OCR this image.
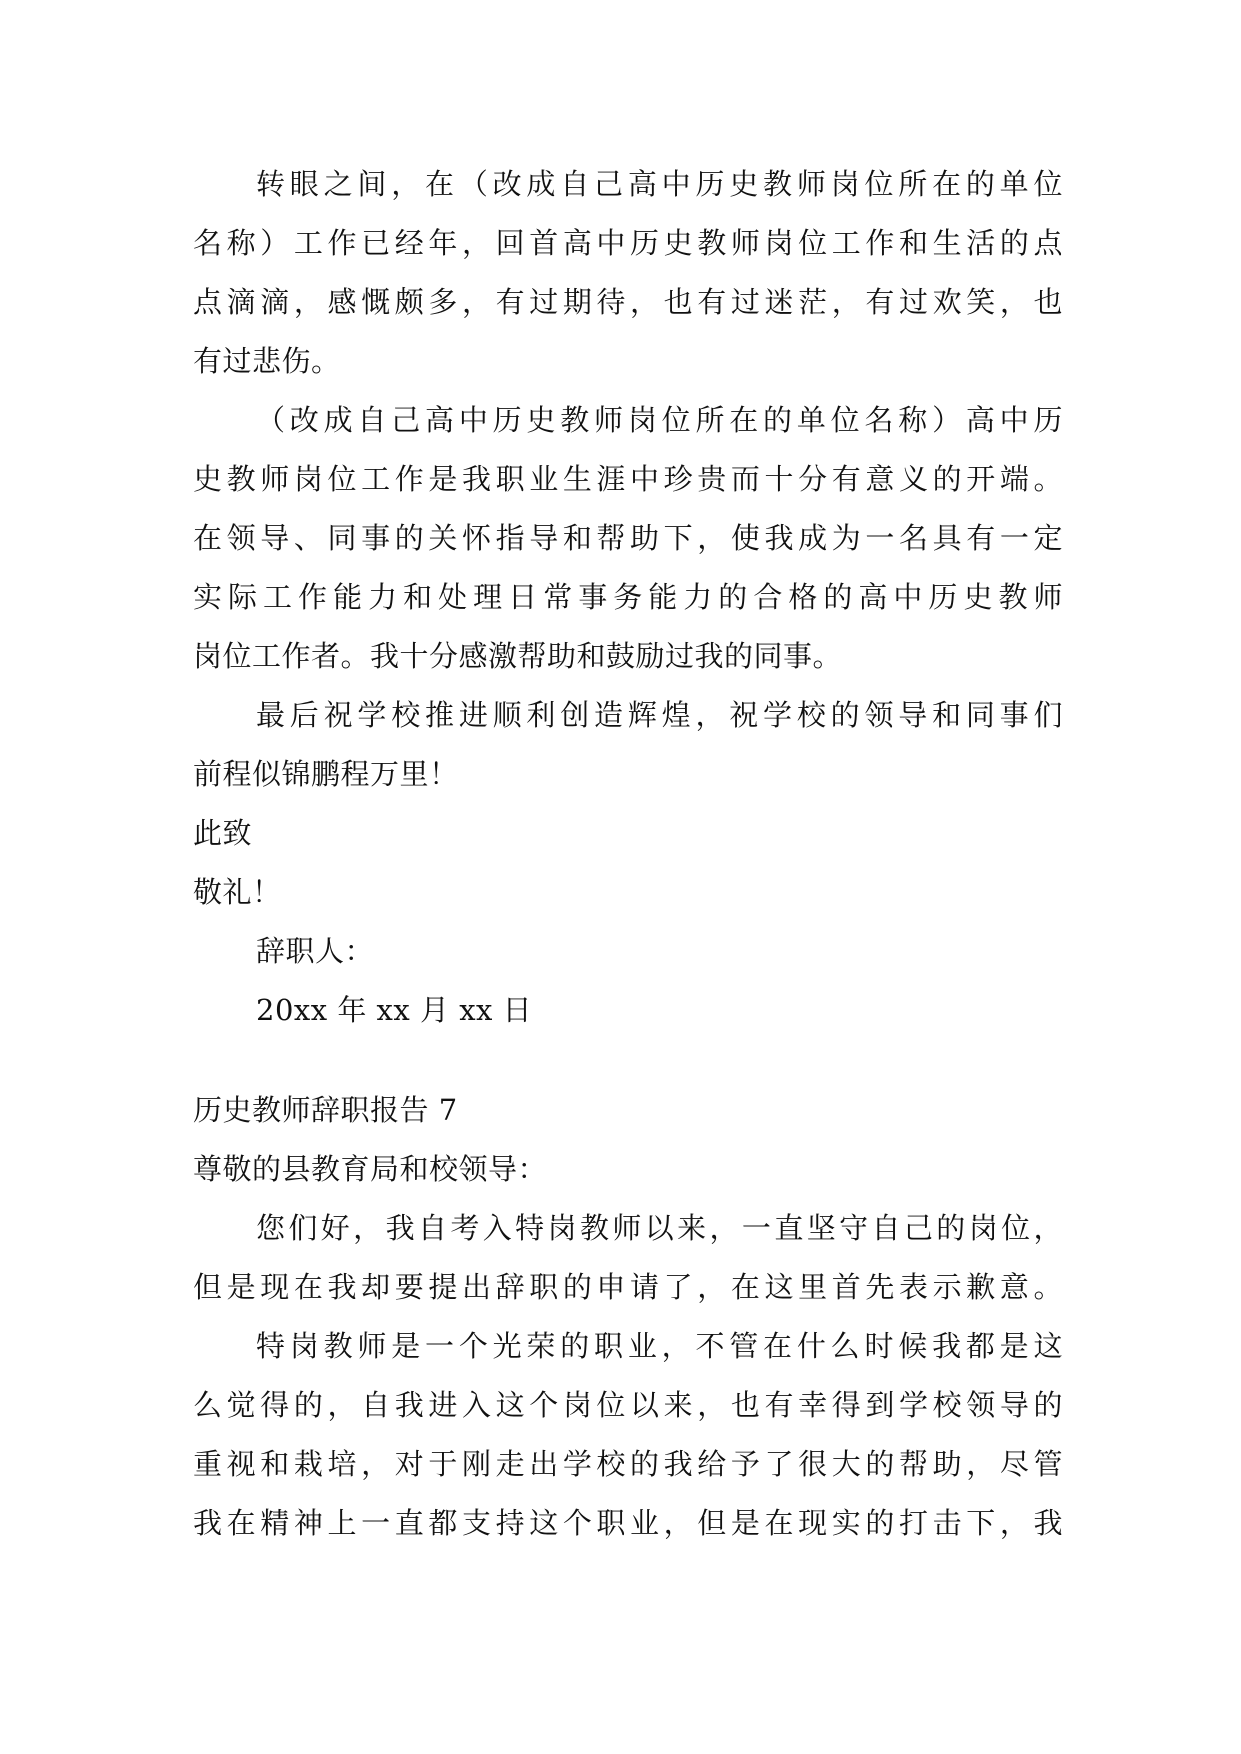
转眼之间，在（改成自己高中历史教师岗位所在的单位
名称）工作已经年，回首高中历史教师岗位工作和生活的点
点滴滴，感慨颇多，有过期待，也有过迷茫，有过欢笑，也
有过悲伤。
（改成自己高中历史教师岗位所在的单位名称）高中历
史教师岗位工作是我职业生涯中珍贵而十分有意义的开端。
在领导、同事的关怀指导和帮助下，使我成为一名具有一定
实际工作能力和处理日常事务能力的合格的高中历史教师
岗位工作者。我十分感激帮助和鼓励过我的同事。
最后祝学校推进顺利创造辉煌，祝学校的领导和同事们
前程似锦鹏程万里！
此致
敬礼！
辞职人：
20xx 年 xx 月 xx 日
历史教师辞职报告 7
尊敬的县教育局和校领导：
您们好，我自考入特岗教师以来，一直坚守自己的岗位，
但是现在我却要提出辞职的申请了，在这里首先表示歉意。
特岗教师是一个光荣的职业，不管在什么时候我都是这
么觉得的，自我进入这个岗位以来，也有幸得到学校领导的
重视和栽培，对于刚走出学校的我给予了很大的帮助，尽管
我在精神上一直都支持这个职业，但是在现实的打击下，我
